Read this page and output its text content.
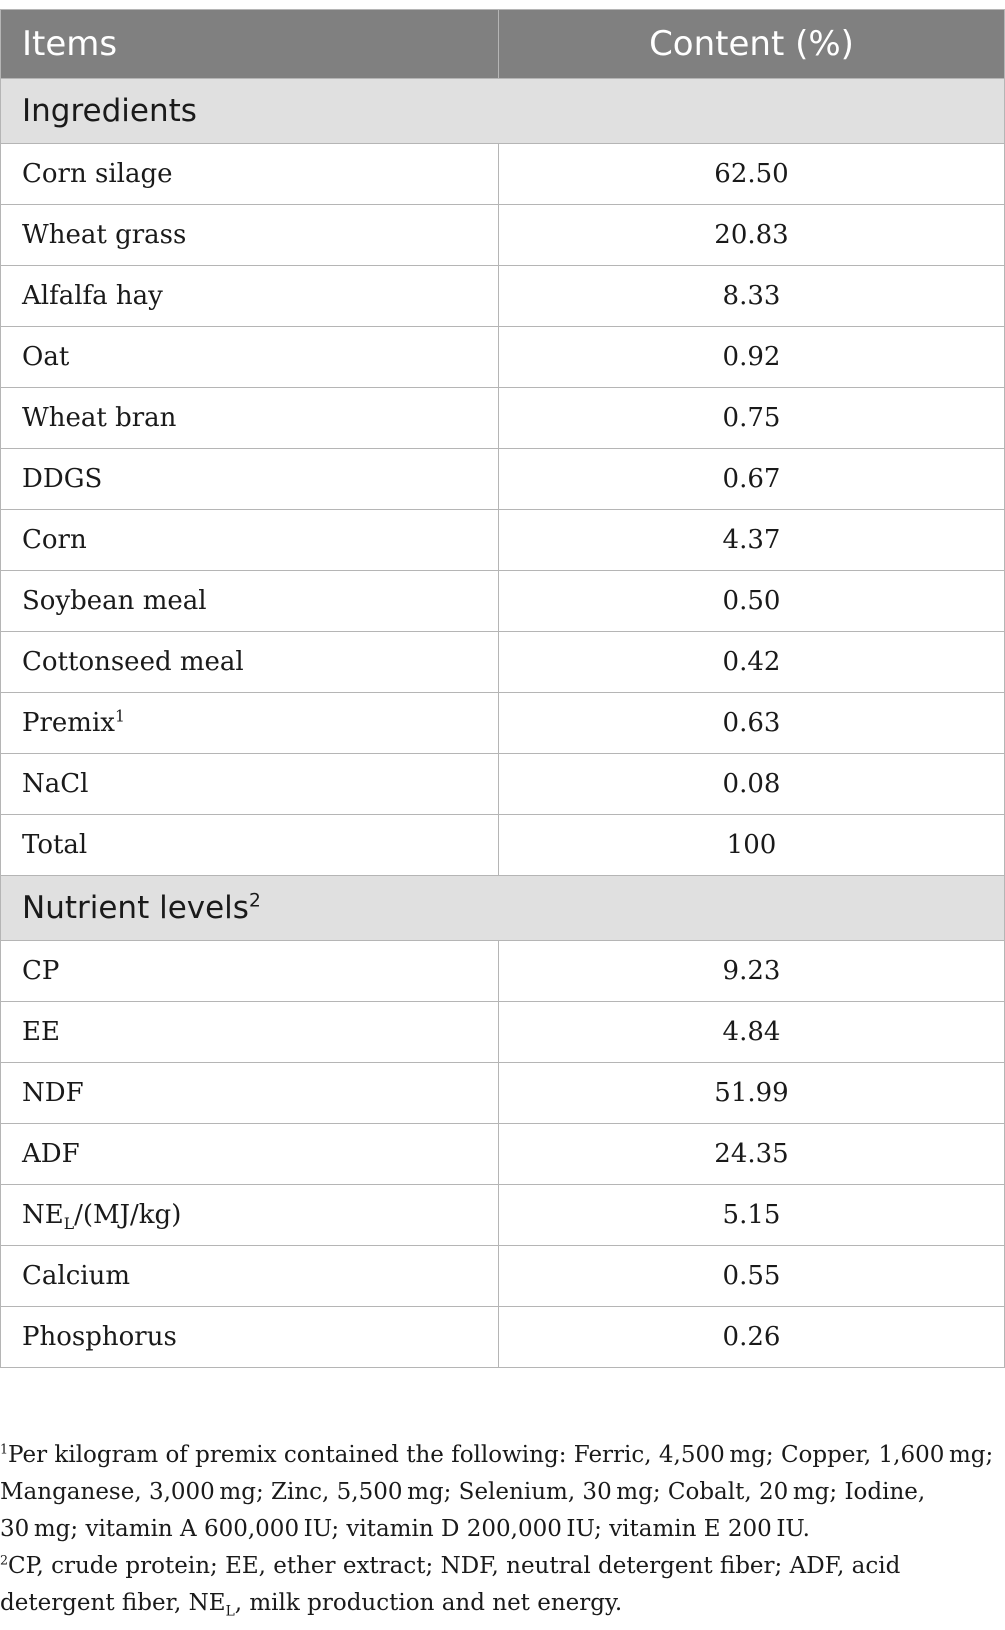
Items	Content (%)
Ingredients	
Corn silage	62.50
Wheat grass	20.83
Alfalfa hay	8.33
Oat	0.92
Wheat bran	0.75
DDGS	0.67
Corn	4.37
Soybean meal	0.50
Cottonseed meal	0.42
Premix$^1$	0.63
NaCl	0.08
Total	100
Nutrient levels$^2$
CP	9.23
EE	4.84
NDF	51.99
ADF	24.35
$NE_L/(MJ/kg)$	5.15
Calcium	0.55
Phosphorus	0.26

$^1$Per kilogram of premix contained the following: Ferric, 4,500 mg; Copper, 1,600 mg; Manganese, 3,000 mg; Zinc, 5,500 mg; Selenium, 30 mg; Cobalt, 20 mg; Iodine, 30 mg; vitamin A 600,000 IU; vitamin D 200,000 IU; vitamin E 200 IU.

$^2$CP, crude protein; EE, ether extract; NDF, neutral detergent fiber; ADF, acid detergent fiber, $NE_L$, milk production and net energy.
